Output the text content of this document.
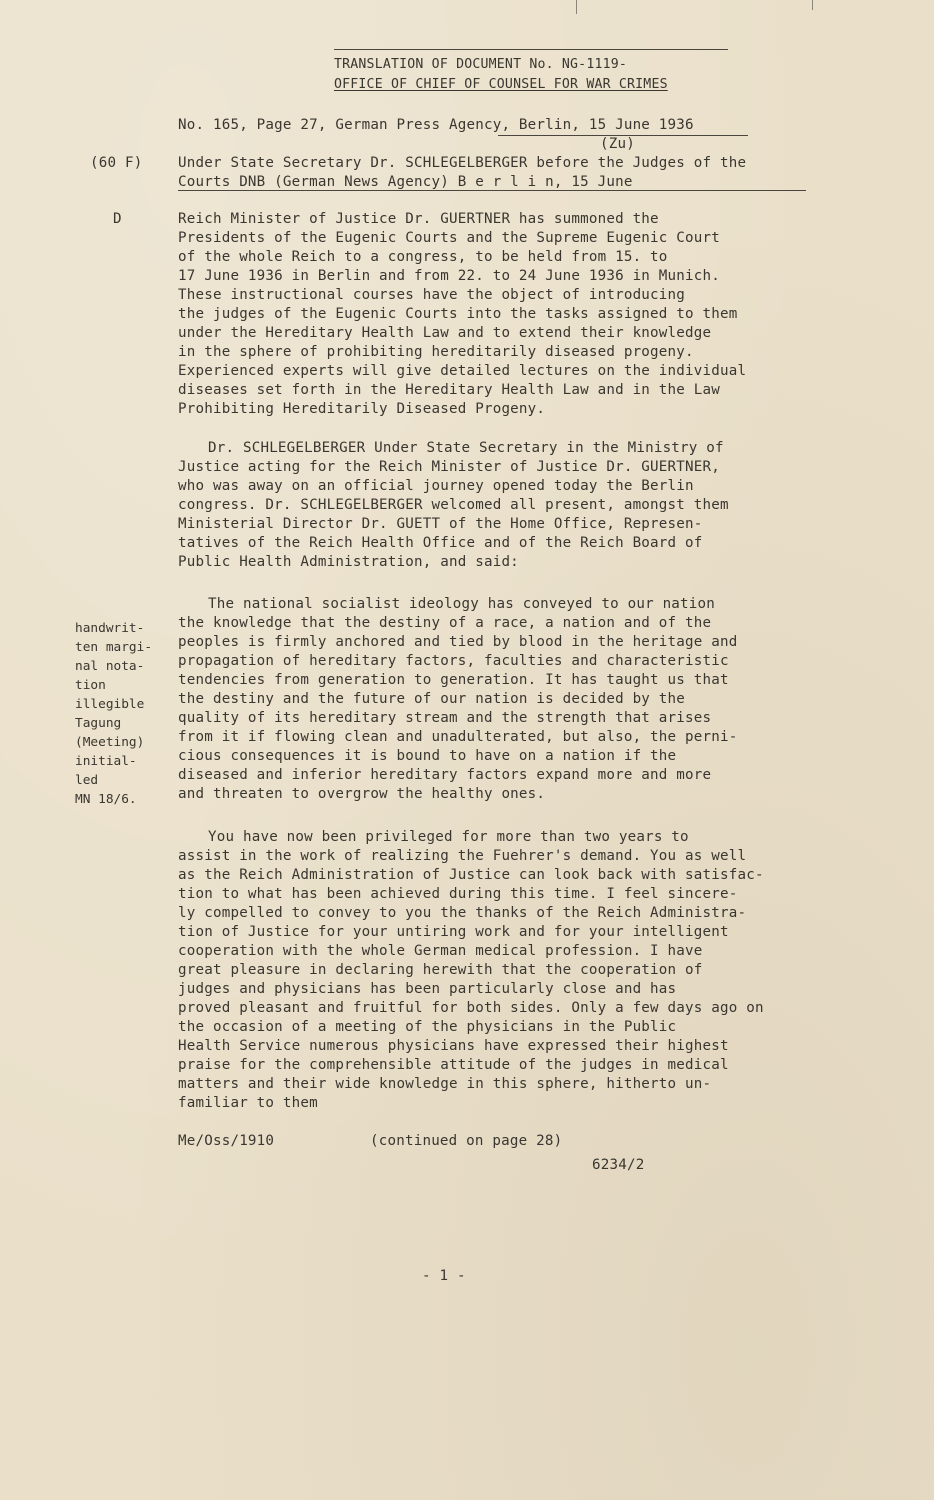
TRANSLATION OF DOCUMENT No. NG-1119-
OFFICE OF CHIEF OF COUNSEL FOR WAR CRIMES
No. 165, Page 27, German Press Agency, Berlin, 15 June 1936
(Zu)
(60 F)	Under State Secretary Dr. SCHLEGELBERGER before the Judges of the
Courts DNB (German News Agency) B e r l i n, 15 June
D	Reich Minister of Justice Dr. GUERTNER has summoned the
Presidents of the Eugenic Courts and the Supreme Eugenic Court
of the whole Reich to a congress, to be held from 15. to
17 June 1936 in Berlin and from 22. to 24 June 1936 in Munich.
These instructional courses have the object of introducing
the judges of the Eugenic Courts into the tasks assigned to them
under the Hereditary Health Law and to extend their knowledge
in the sphere of prohibiting hereditarily diseased progeny.
Experienced experts will give detailed lectures on the individual
diseases set forth in the Hereditary Health Law and in the Law
Prohibiting Hereditarily Diseased Progeny.
Dr. SCHLEGELBERGER Under State Secretary in the Ministry of
Justice acting for the Reich Minister of Justice Dr. GUERTNER,
who was away on an official journey opened today the Berlin
congress. Dr. SCHLEGELBERGER welcomed all present, amongst them
Ministerial Director Dr. GUETT of the Home Office, Represen-
tatives of the Reich Health Office and of the Reich Board of
Public Health Administration, and said:
handwrit-
ten margi-
nal nota-
tion
illegible
Tagung
(Meeting)
initial-
led
MN 18/6.
The national socialist ideology has conveyed to our nation
the knowledge that the destiny of a race, a nation and of the
peoples is firmly anchored and tied by blood in the heritage and
propagation of hereditary factors, faculties and characteristic
tendencies from generation to generation. It has taught us that
the destiny and the future of our nation is decided by the
quality of its hereditary stream and the strength that arises
from it if flowing clean and unadulterated, but also, the perni-
cious consequences it is bound to have on a nation if the
diseased and inferior hereditary factors expand more and more
and threaten to overgrow the healthy ones.
You have now been privileged for more than two years to
assist in the work of realizing the Fuehrer's demand. You as well
as the Reich Administration of Justice can look back with satisfac-
tion to what has been achieved during this time. I feel sincere-
ly compelled to convey to you the thanks of the Reich Administra-
tion of Justice for your untiring work and for your intelligent
cooperation with the whole German medical profession. I have
great pleasure in declaring herewith that the cooperation of
judges and physicians has been particularly close and has
proved pleasant and fruitful for both sides. Only a few days ago on
the occasion of a meeting of the physicians in the Public
Health Service numerous physicians have expressed their highest
praise for the comprehensible attitude of the judges in medical
matters and their wide knowledge in this sphere, hitherto un-
familiar to them
Me/Oss/1910	(continued on page 28)
6234/2
- 1 -
